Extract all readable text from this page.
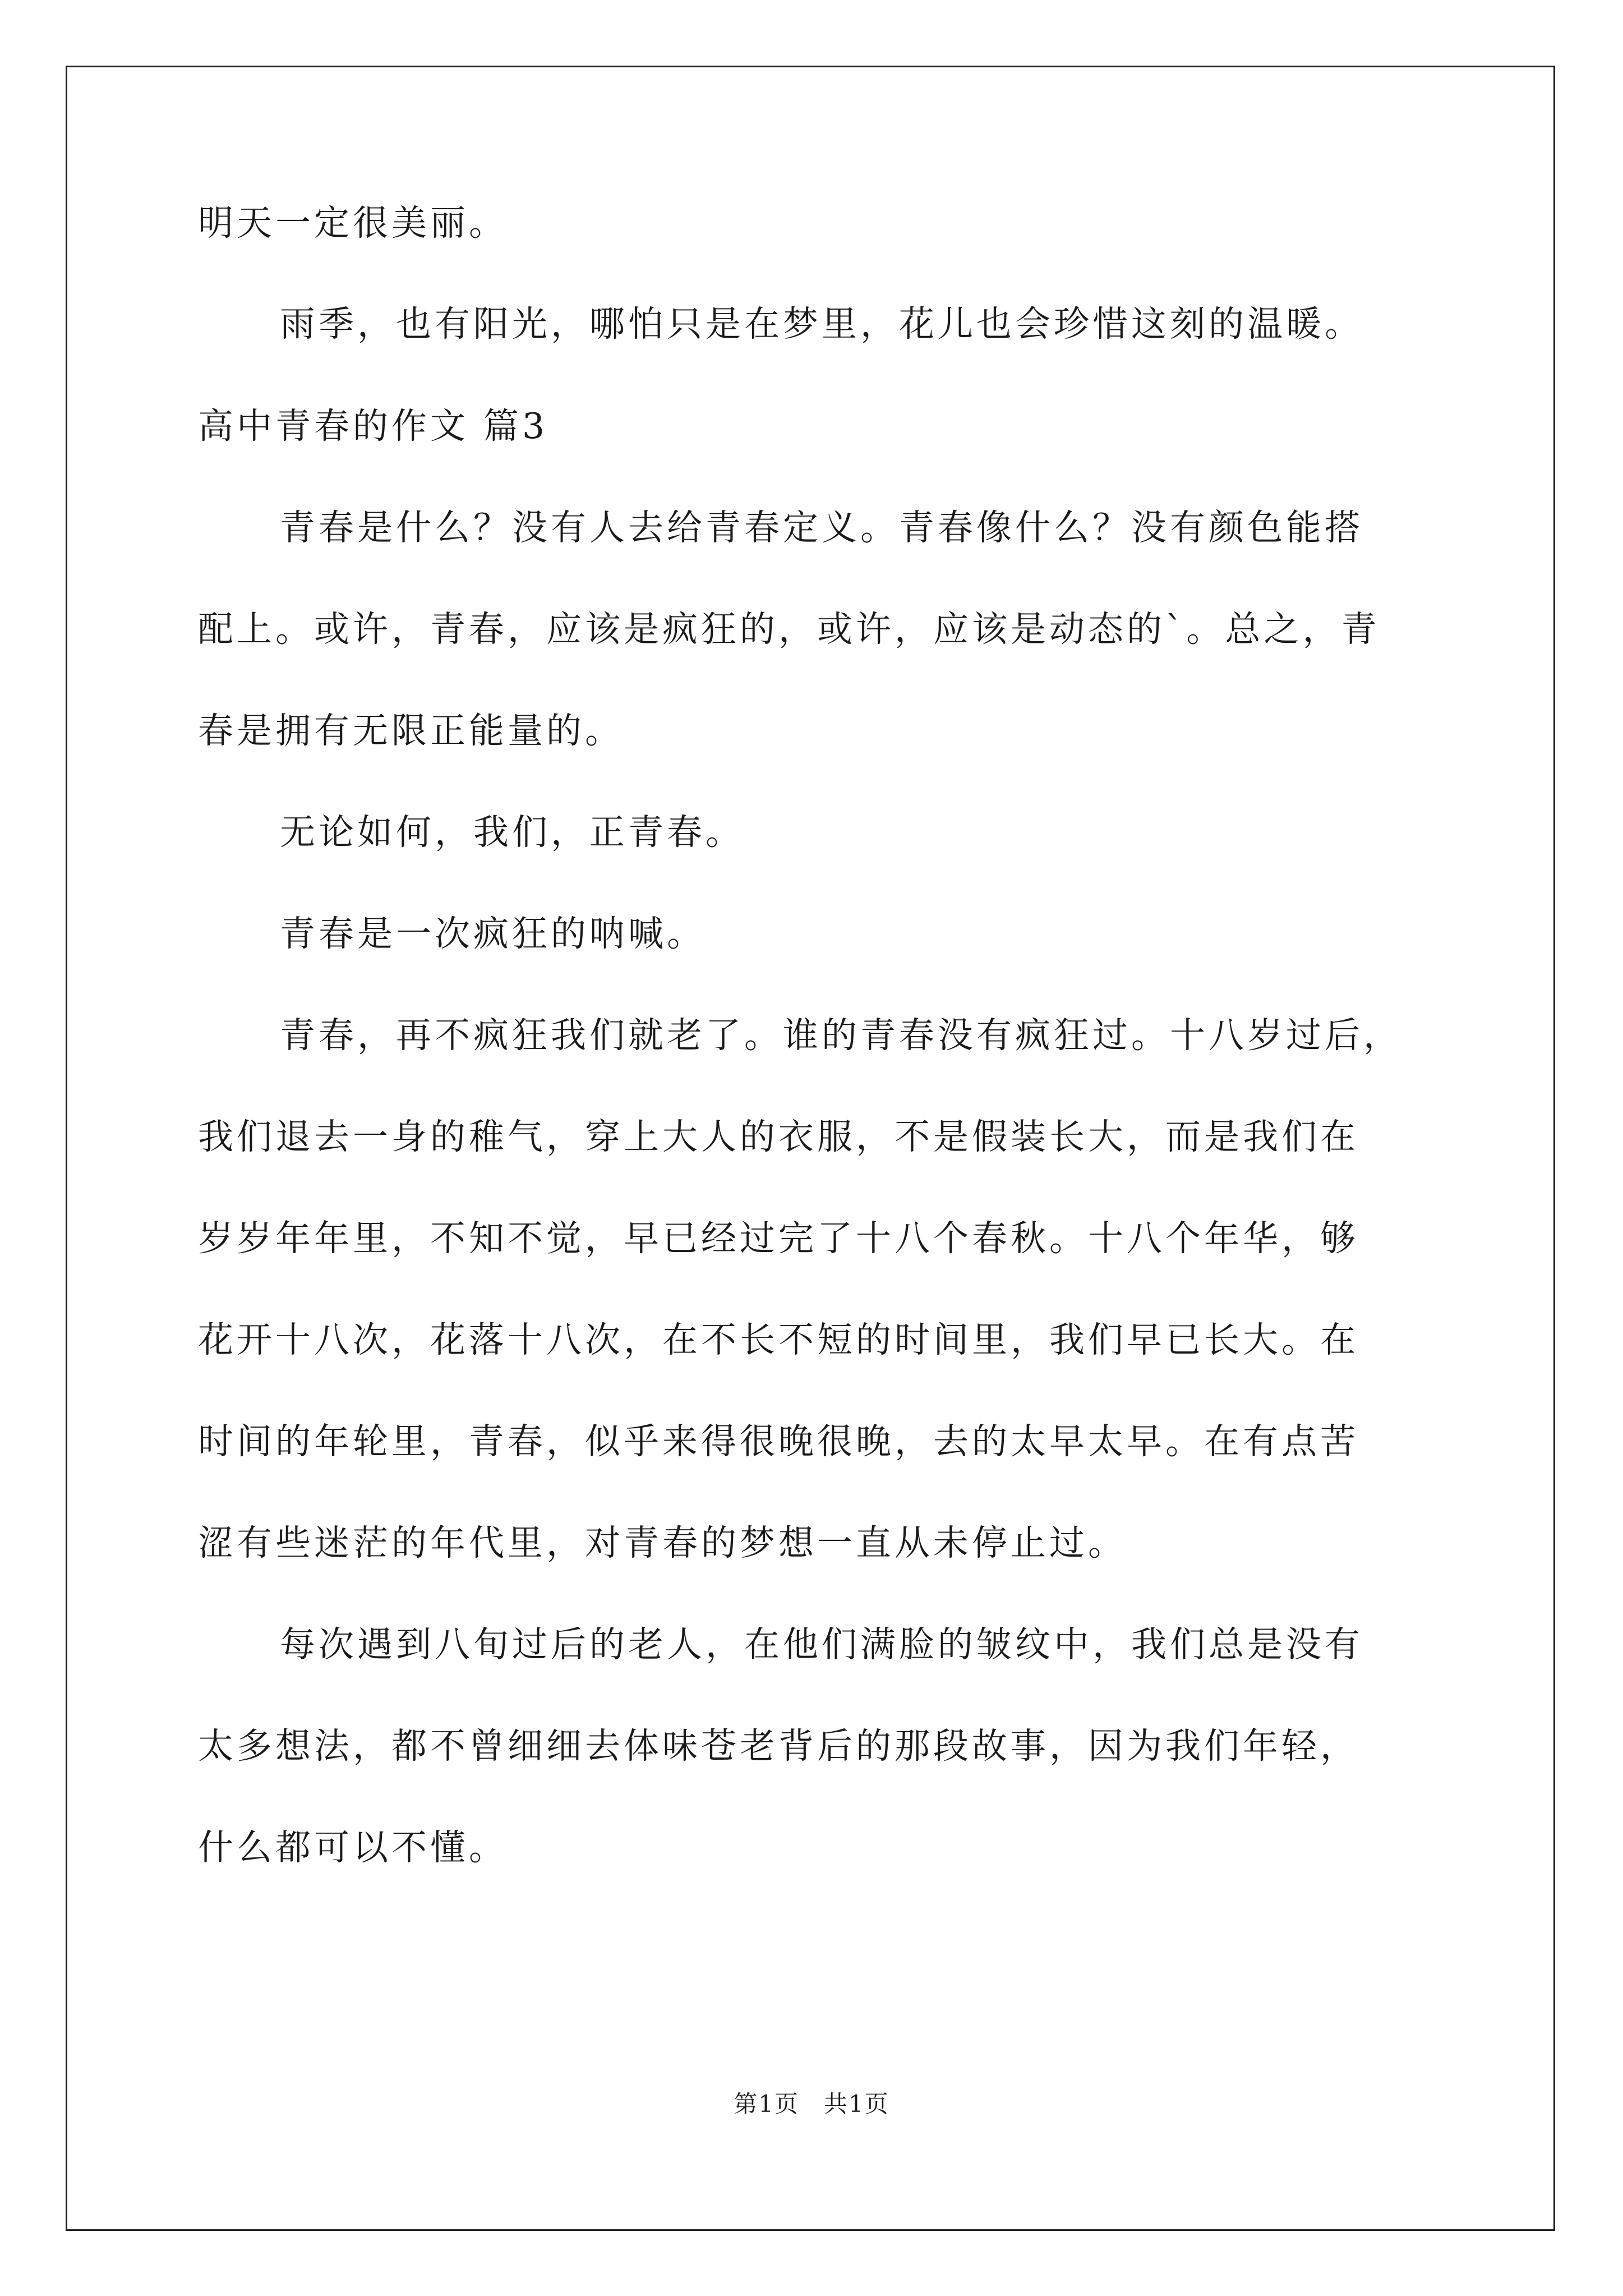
明天一定很美丽。

雨季，也有阳光，哪怕只是在梦里，花儿也会珍惜这刻的温暖。

高中青春的作文 篇3

青春是什么？没有人去给青春定义。青春像什么？没有颜色能搭

配上。或许，青春，应该是疯狂的，或许，应该是动态的`。总之，青

春是拥有无限正能量的。

无论如何，我们，正青春。

青春是一次疯狂的呐喊。

青春，再不疯狂我们就老了。谁的青春没有疯狂过。十八岁过后，

我们退去一身的稚气，穿上大人的衣服，不是假装长大，而是我们在

岁岁年年里，不知不觉，早已经过完了十八个春秋。十八个年华，够

花开十八次，花落十八次，在不长不短的时间里，我们早已长大。在

时间的年轮里，青春，似乎来得很晚很晚，去的太早太早。在有点苦

涩有些迷茫的年代里，对青春的梦想一直从未停止过。

每次遇到八旬过后的老人，在他们满脸的皱纹中，我们总是没有

太多想法，都不曾细细去体味苍老背后的那段故事，因为我们年轻，

什么都可以不懂。

第1页　共1页
